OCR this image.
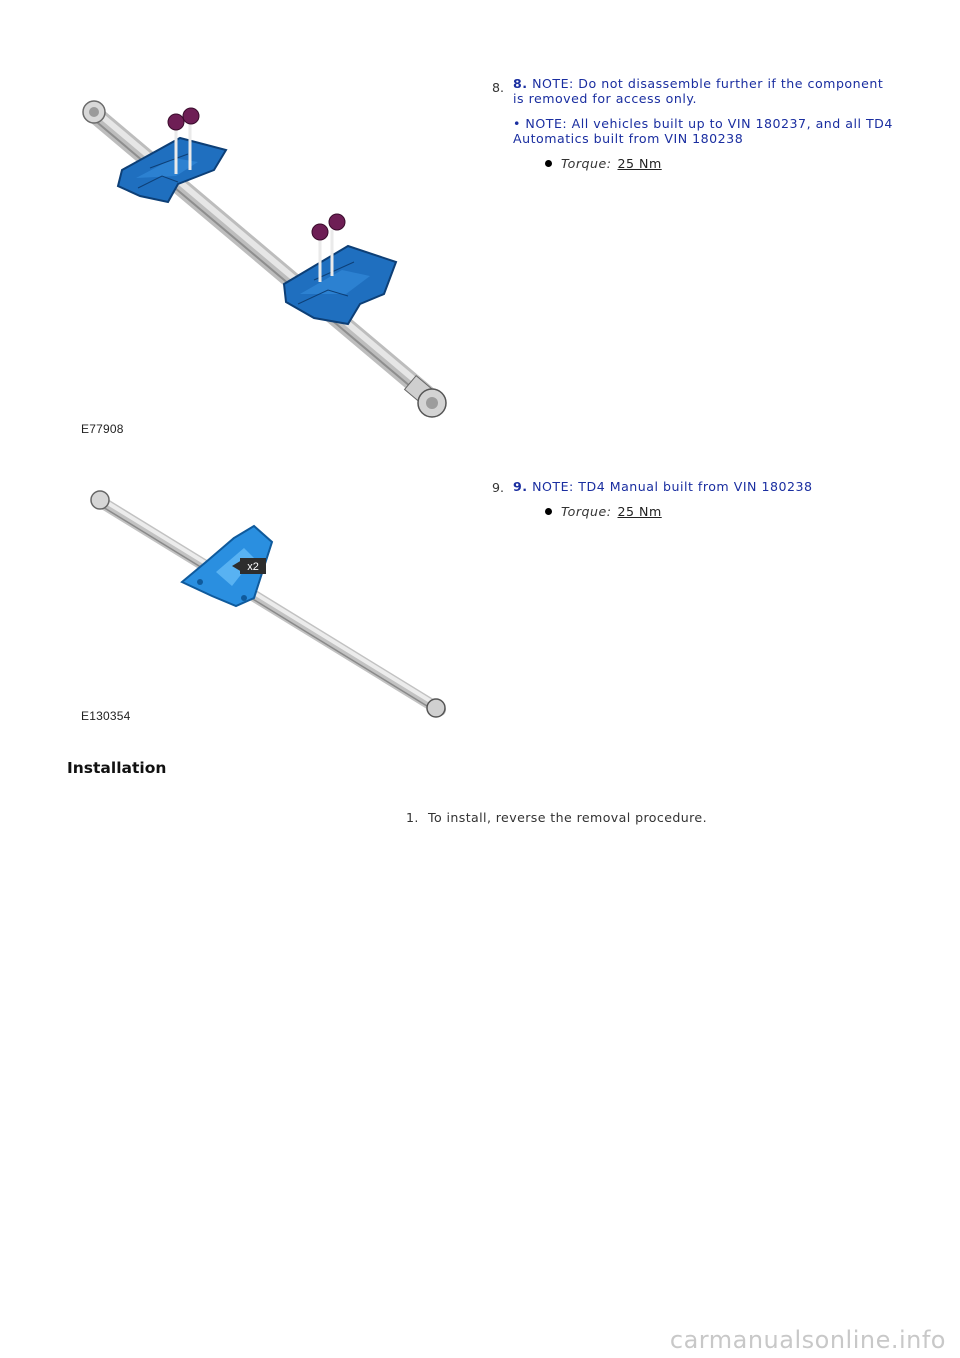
E77908
8. 8. NOTE: Do not disassemble further if the component is removed for access only.
• NOTE: All vehicles built up to VIN 180237, and all TD4 Automatics built from VIN 180238
Torque: 25 Nm
x2
E130354
9. 9. NOTE: TD4 Manual built from VIN 180238
Torque: 25 Nm
Installation
1. To install, reverse the removal procedure.
carmanualsonline.info
